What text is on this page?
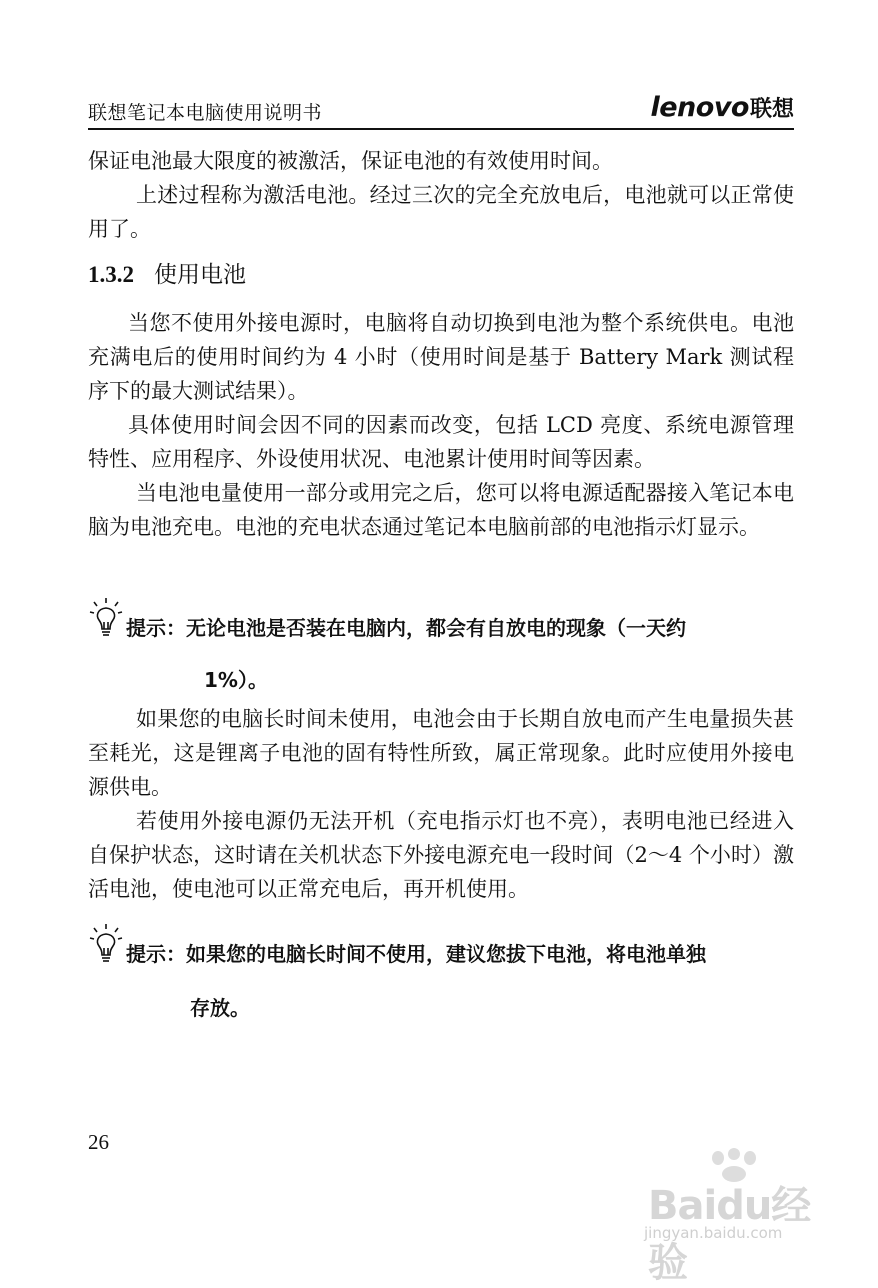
联想笔记本电脑使用说明书	lenovo 联想

保证电池最大限度的被激活，保证电池的有效使用时间。

上述过程称为激活电池。经过三次的完全充放电后，电池就可以正常使用了。

1.3.2 使用电池

当您不使用外接电源时，电脑将自动切换到电池为整个系统供电。电池充满电后的使用时间约为 4 小时（使用时间是基于 Battery Mark 测试程序下的最大测试结果）。

具体使用时间会因不同的因素而改变，包括 LCD 亮度、系统电源管理特性、应用程序、外设使用状况、电池累计使用时间等因素。

当电池电量使用一部分或用完之后，您可以将电源适配器接入笔记本电脑为电池充电。电池的充电状态通过笔记本电脑前部的电池指示灯显示。

提示：无论电池是否装在电脑内，都会有自放电的现象（一天约
1%）。

如果您的电脑长时间未使用，电池会由于长期自放电而产生电量损失甚至耗光，这是锂离子电池的固有特性所致，属正常现象。此时应使用外接电源供电。

若使用外接电源仍无法开机（充电指示灯也不亮），表明电池已经进入自保护状态，这时请在关机状态下外接电源充电一段时间（2～4 个小时）激活电池，使电池可以正常充电后，再开机使用。

提示：如果您的电脑长时间不使用，建议您拔下电池，将电池单独
存放。
26
Baidu经验
jingyan.baidu.com
